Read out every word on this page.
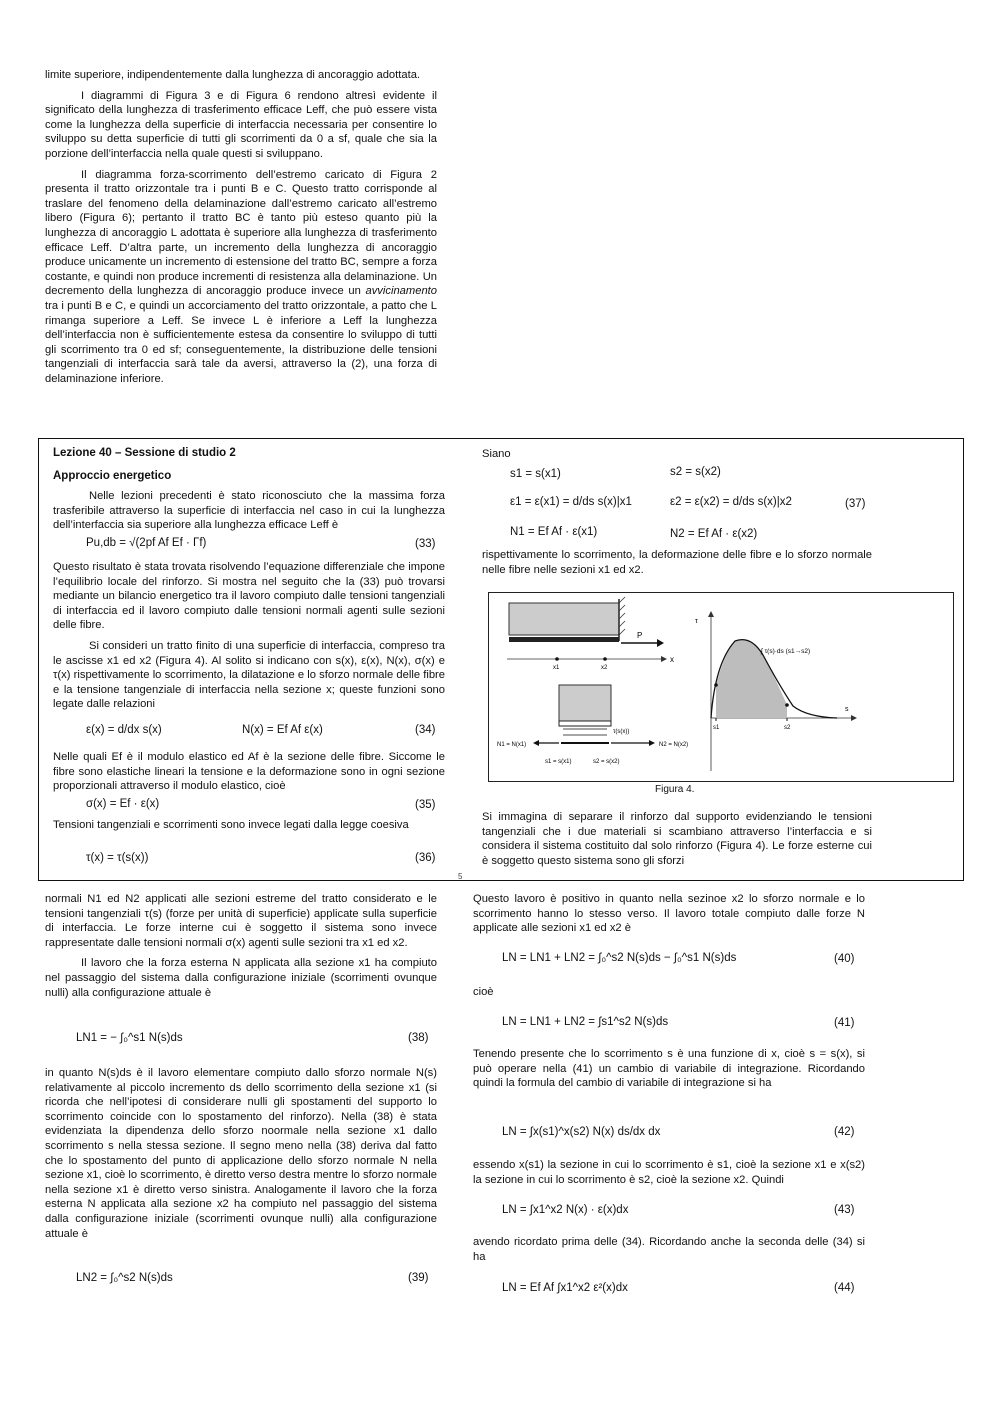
limite superiore, indipendentemente dalla lunghezza di ancoraggio adottata.

I diagrammi di Figura 3 e di Figura 6 rendono altresì evidente il significato della lunghezza di trasferimento efficace Leff, che può essere vista come la lunghezza della superficie di interfaccia necessaria per consentire lo sviluppo su detta superficie di tutti gli scorrimenti da 0 a sf, quale che sia la porzione dell’interfaccia nella quale questi si sviluppano.

Il diagramma forza-scorrimento dell’estremo caricato di Figura 2 presenta il tratto orizzontale tra i punti B e C. Questo tratto corrisponde al traslare del fenomeno della delaminazione dall’estremo caricato all’estremo libero (Figura 6); pertanto il tratto BC è tanto più esteso quanto più la lunghezza di ancoraggio L adottata è superiore alla lunghezza di trasferimento efficace Leff. D’altra parte, un incremento della lunghezza di ancoraggio produce unicamente un incremento di estensione del tratto BC, sempre a forza costante, e quindi non produce incrementi di resistenza alla delaminazione. Un decremento della lunghezza di ancoraggio produce invece un avvicinamento tra i punti B e C, e quindi un accorciamento del tratto orizzontale, a patto che L rimanga superiore a Leff. Se invece L è inferiore a Leff la lunghezza dell’interfaccia non è sufficientemente estesa da consentire lo sviluppo di tutti gli scorrimento tra 0 ed sf; conseguentemente, la distribuzione delle tensioni tangenziali di interfaccia sarà tale da aversi, attraverso la (2), una forza di delaminazione inferiore.

Lezione 40 – Sessione di studio 2
Approccio energetico

Nelle lezioni precedenti è stato riconosciuto che la massima forza trasferibile attraverso la superficie di interfaccia nel caso in cui la lunghezza dell’interfaccia sia superiore alla lunghezza efficace Leff è

Pu,db = √(2pf Af Ef · Γf)	(33)

Questo risultato è stata trovata risolvendo l’equazione differenziale che impone l’equilibrio locale del rinforzo. Si mostra nel seguito che la (33) può trovarsi mediante un bilancio energetico tra il lavoro compiuto dalle tensioni tangenziali di interfaccia ed il lavoro compiuto dalle tensioni normali agenti sulle sezioni delle fibre.

Si consideri un tratto finito di una superficie di interfaccia, compreso tra le ascisse x1 ed x2 (Figura 4). Al solito si indicano con s(x), ε(x), N(x), σ(x) e τ(x) rispettivamente lo scorrimento, la dilatazione e lo sforzo normale delle fibre e la tensione tangenziale di interfaccia nella sezione x; queste funzioni sono legate dalle relazioni

ε(x) = d/dx s(x)	N(x) = Ef Af ε(x)	(34)
Nelle quali Ef è il modulo elastico ed Af è la sezione delle fibre. Siccome le fibre sono elastiche lineari la tensione e la deformazione sono in ogni sezione proporzionali attraverso il modulo elastico, cioè
σ(x) = Ef · ε(x)	(35)
Tensioni tangenziali e scorrimenti sono invece legati dalla legge coesiva
τ(x) = τ(s(x))	(36)
Siano
s1 = s(x1)	s2 = s(x2)
ε1 = ε(x1) = d/ds s(x)|x1	ε2 = ε(x2) = d/ds s(x)|x2	(37)
N1 = Ef Af · ε(x1)	N2 = Ef Af · ε(x2)
rispettivamente lo scorrimento, la deformazione delle fibre e lo sforzo normale nelle fibre nelle sezioni x1 ed x2.
P
x
x1	x2
τ(s(x))
N1 = N(x1)	N2 = N(x2)
s1 = s(x1)	s2 = s(x2)
τ
s
s1	s2
∫ τ(s)·ds (s1→s2)
Figura 4.
Si immagina di separare il rinforzo dal supporto evidenziando le tensioni tangenziali che i due materiali si scambiano attraverso l’interfaccia e si considera il sistema costituito dal solo rinforzo (Figura 4). Le forze esterne cui è soggetto questo sistema sono gli sforzi
5

normali N1 ed N2 applicati alle sezioni estreme del tratto considerato e le tensioni tangenziali τ(s) (forze per unità di superficie) applicate sulla superficie di interfaccia. Le forze interne cui è soggetto il sistema sono invece rappresentate dalle tensioni normali σ(x) agenti sulle sezioni tra x1 ed x2.

Il lavoro che la forza esterna N applicata alla sezione x1 ha compiuto nel passaggio del sistema dalla configurazione iniziale (scorrimenti ovunque nulli) alla configurazione attuale è

LN1 = − ∫₀^s1 N(s)ds	(38)
in quanto N(s)ds è il lavoro elementare compiuto dallo sforzo normale N(s) relativamente al piccolo incremento ds dello scorrimento della sezione x1 (si ricorda che nell’ipotesi di considerare nulli gli spostamenti del supporto lo scorrimento coincide con lo spostamento del rinforzo). Nella (38) è stata evidenziata la dipendenza dello sforzo noormale nella sezione x1 dallo scorrimento s nella stessa sezione. Il segno meno nella (38) deriva dal fatto che lo spostamento del punto di applicazione dello sforzo normale N nella sezione x1, cioè lo scorrimento, è diretto verso destra mentre lo sforzo normale nella sezione x1 è diretto verso sinistra. Analogamente il lavoro che la forza esterna N applicata alla sezione x2 ha compiuto nel passaggio del sistema dalla configurazione iniziale (scorrimenti ovunque nulli) alla configurazione attuale è
LN2 = ∫₀^s2 N(s)ds	(39)
Questo lavoro è positivo in quanto nella sezinoe x2 lo sforzo normale e lo scorrimento hanno lo stesso verso. Il lavoro totale compiuto dalle forze N applicate alle sezioni x1 ed x2 è
LN = LN1 + LN2 = ∫₀^s2 N(s)ds − ∫₀^s1 N(s)ds	(40)
cioè
LN = LN1 + LN2 = ∫s1^s2 N(s)ds	(41)
Tenendo presente che lo scorrimento s è una funzione di x, cioè s = s(x), si può operare nella (41) un cambio di variabile di integrazione. Ricordando quindi la formula del cambio di variabile di integrazione si ha
LN = ∫x(s1)^x(s2) N(x) ds/dx dx	(42)
essendo x(s1) la sezione in cui lo scorrimento è s1, cioè la sezione x1 e x(s2) la sezione in cui lo scorrimento è s2, cioè la sezione x2. Quindi
LN = ∫x1^x2 N(x) · ε(x)dx	(43)
avendo ricordato prima delle (34). Ricordando anche la seconda delle (34) si ha
LN = Ef Af ∫x1^x2 ε²(x)dx	(44)
